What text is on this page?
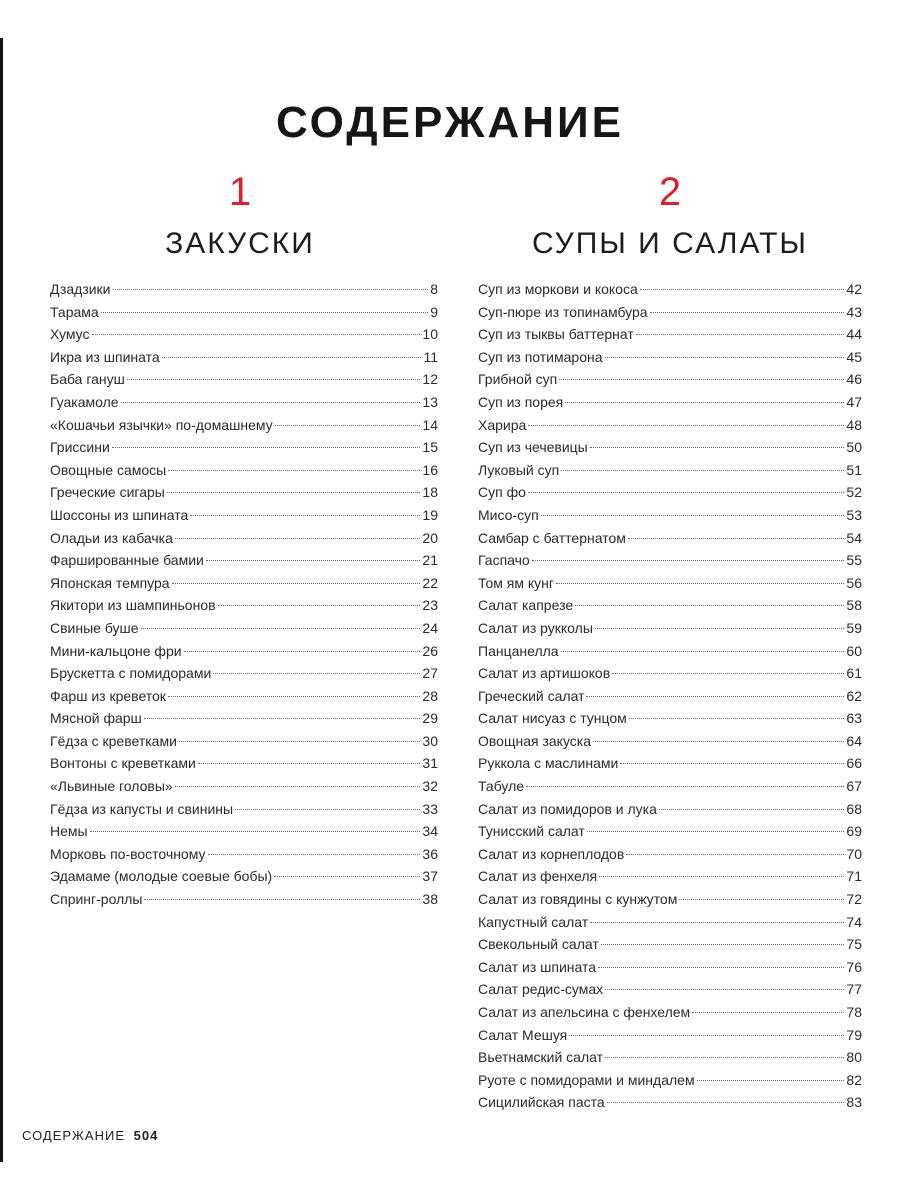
СОДЕРЖАНИЕ
1
ЗАКУСКИ
2
СУПЫ И САЛАТЫ
Дзадзики	8
Тарама	9
Хумус	10
Икра из шпината	11
Баба гануш	12
Гуакамоле	13
«Кошачьи язычки» по-домашнему	14
Гриссини	15
Овощные самосы	16
Греческие сигары	18
Шоссоны из шпината	19
Оладьи из кабачка	20
Фаршированные бамии	21
Японская темпура	22
Якитори из шампиньонов	23
Свиные буше	24
Мини-кальцоне фри	26
Брускетта с помидорами	27
Фарш из креветок	28
Мясной фарш	29
Гёдза с креветками	30
Вонтоны с креветками	31
«Львиные головы»	32
Гёдза из капусты и свинины	33
Немы	34
Морковь по-восточному	36
Эдамаме (молодые соевые бобы)	37
Спринг-роллы	38
Суп из моркови и кокоса	42
Суп-пюре из топинамбура	43
Суп из тыквы баттернат	44
Суп из потимарона	45
Грибной суп	46
Суп из порея	47
Харира	48
Суп из чечевицы	50
Луковый суп	51
Суп фо	52
Мисо-суп	53
Самбар с баттернатом	54
Гаспачо	55
Том ям кунг	56
Салат капрезе	58
Салат из рукколы	59
Панцанелла	60
Салат из артишоков	61
Греческий салат	62
Салат нисуаз с тунцом	63
Овощная закуска	64
Руккола с маслинами	66
Табуле	67
Салат из помидоров и лука	68
Тунисский салат	69
Салат из корнеплодов	70
Салат из фенхеля	71
Салат из говядины с кунжутом	72
Капустный салат	74
Свекольный салат	75
Салат из шпината	76
Салат редис-сумах	77
Салат из апельсина с фенхелем	78
Салат Мешуя	79
Вьетнамский салат	80
Руоте с помидорами и миндалем	82
Сицилийская паста	83
СОДЕРЖАНИЕ 504
